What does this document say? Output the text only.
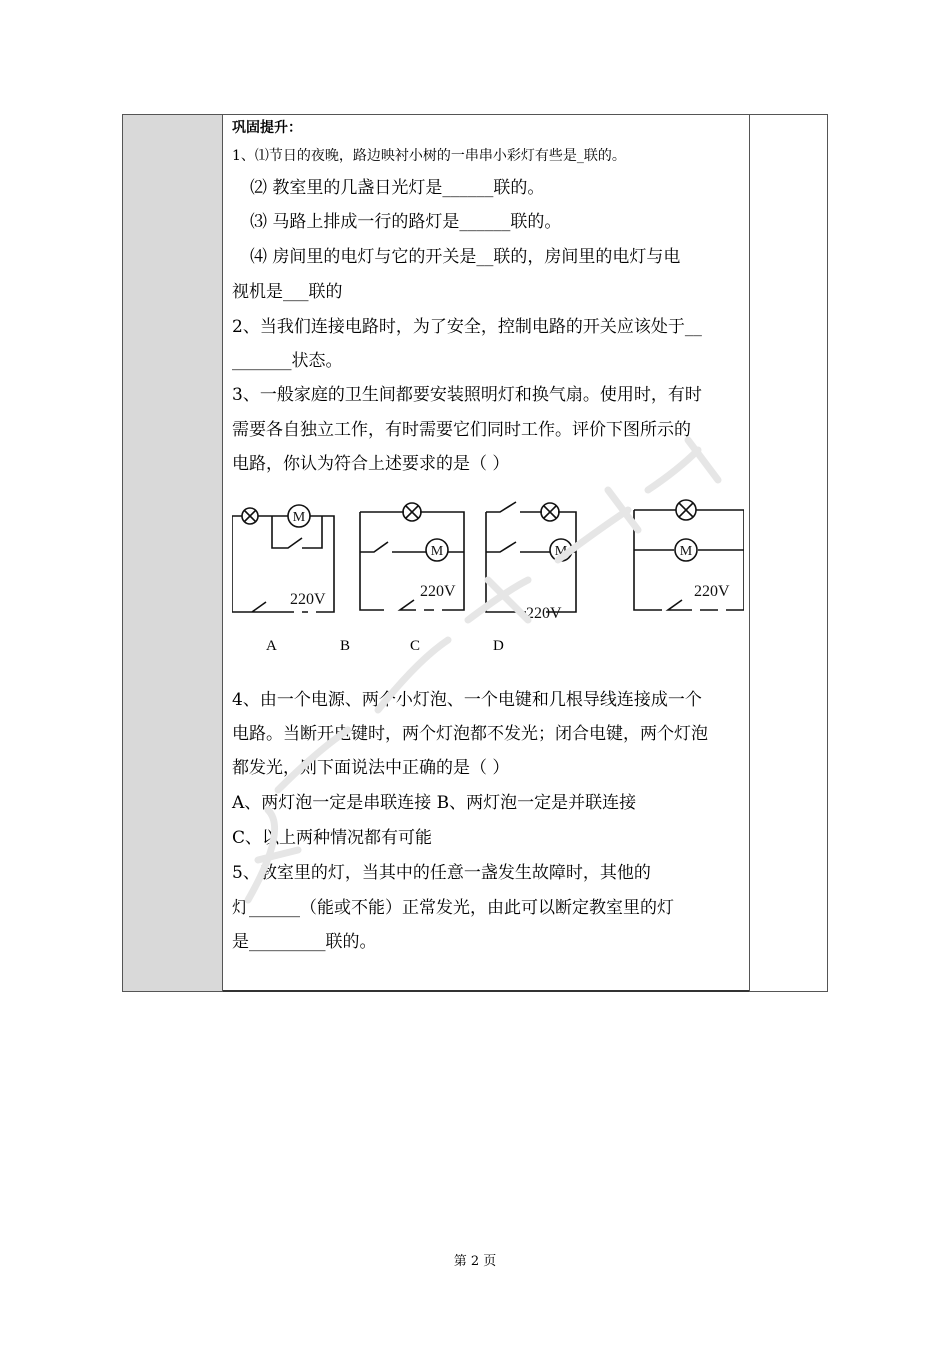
巩固提升：
1、⑴节日的夜晚，路边映衬小树的一串串小彩灯有些是_联的。
⑵ 教室里的几盏日光灯是______联的。
⑶ 马路上排成一行的路灯是______联的。
⑷ 房间里的电灯与它的开关是__联的，房间里的电灯与电
视机是___联的
2、当我们连接电路时，为了安全，控制电路的开关应该处于__
_______状态。
3、一般家庭的卫生间都要安装照明灯和换气扇。使用时，有时
需要各自独立工作，有时需要它们同时工作。评价下图所示的
电路，你认为符合上述要求的是（ ）
4、由一个电源、两个小灯泡、一个电键和几根导线连接成一个
电路。当断开电键时，两个灯泡都不发光；闭合电键，两个灯泡
都发光，则下面说法中正确的是（ ）
A、两灯泡一定是串联连接 B、两灯泡一定是并联连接
C、以上两种情况都有可能
5、教室里的灯，当其中的任意一盏发生故障时，其他的
灯______（能或不能）正常发光，由此可以断定教室里的灯
是_________联的。
M
220V
M
220V
M
220V
M
220V
A	B	C	D
第 2 页
